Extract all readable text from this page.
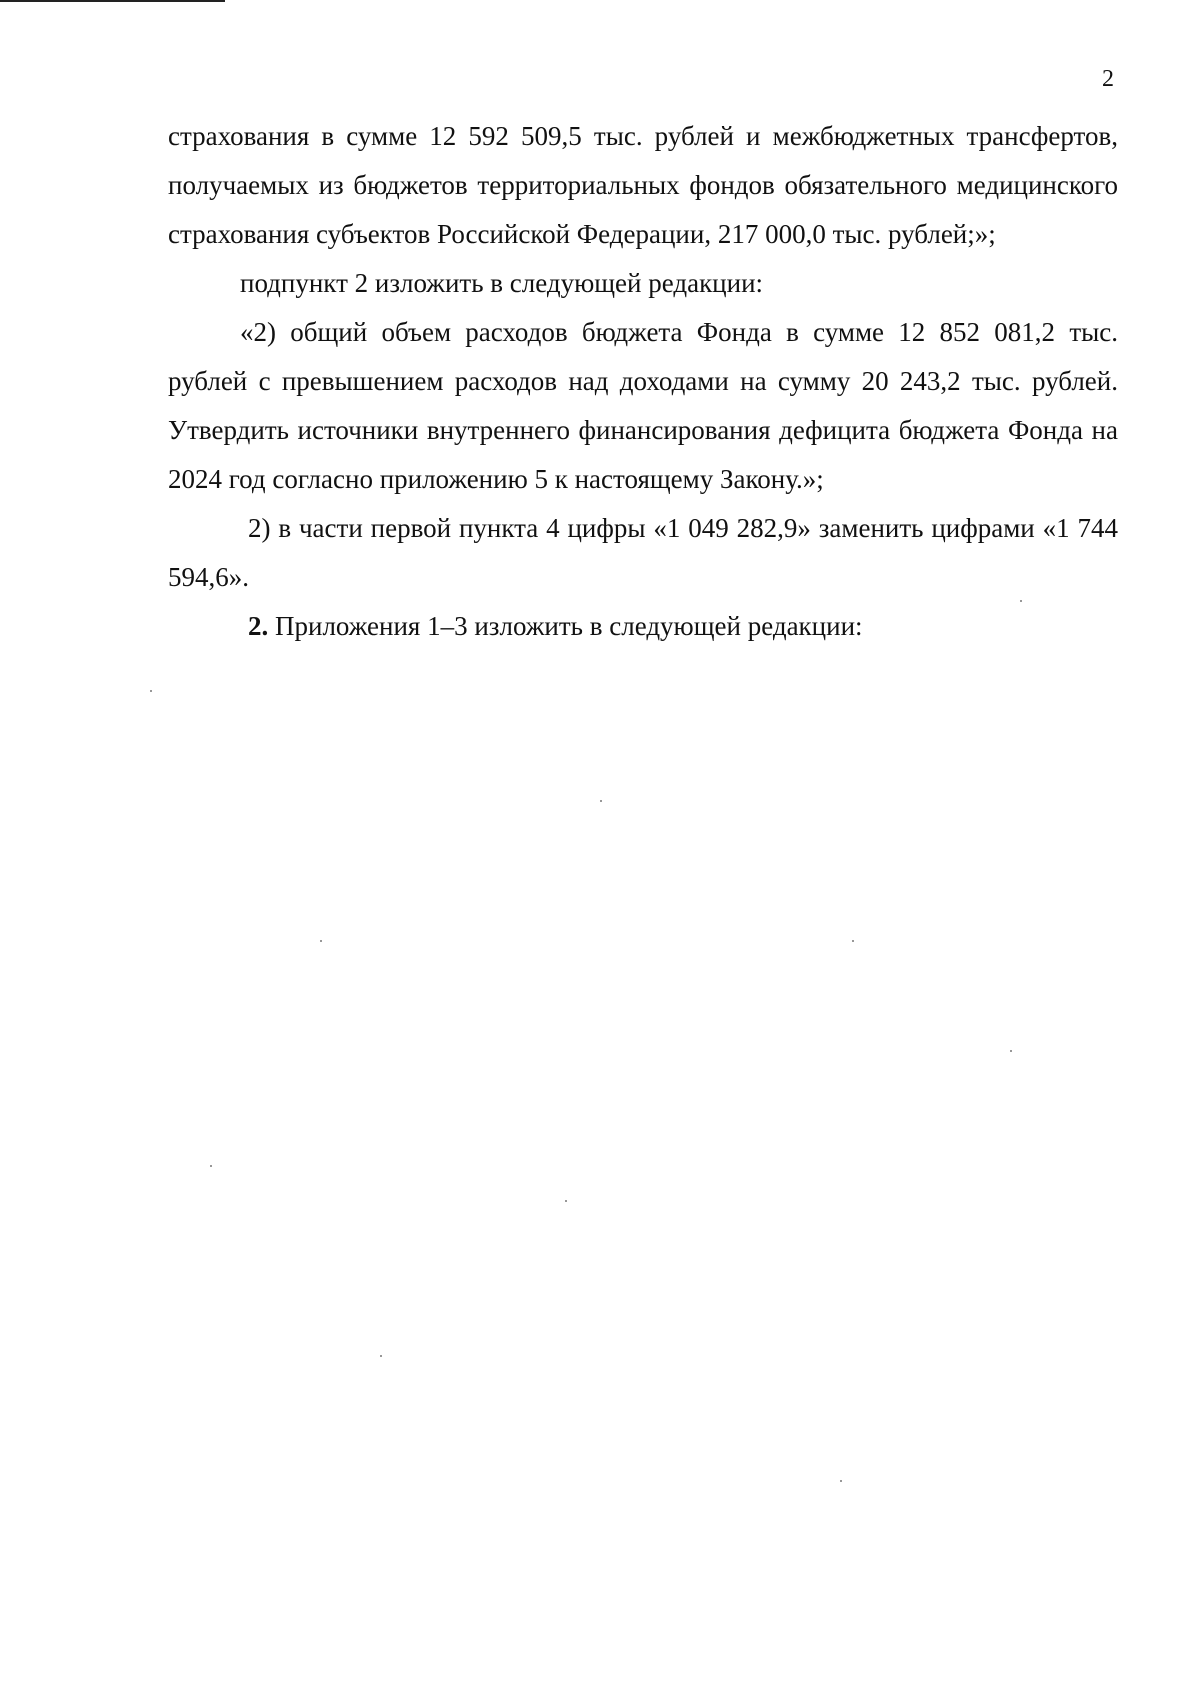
2

страхования в сумме 12 592 509,5 тыс. рублей и межбюджетных трансфертов, получаемых из бюджетов территориальных фондов обязательного медицинского страхования субъектов Российской Федерации, 217 000,0 тыс. рублей;»;

подпункт 2 изложить в следующей редакции:

«2) общий объем расходов бюджета Фонда в сумме 12 852 081,2 тыс. рублей с превышением расходов над доходами на сумму 20 243,2 тыс. рублей. Утвердить источники внутреннего финансирования дефицита бюджета Фонда на 2024 год согласно приложению 5 к настоящему Закону.»;

2) в части первой пункта 4 цифры «1 049 282,9» заменить цифрами «1 744 594,6».

2. Приложения 1–3 изложить в следующей редакции:
